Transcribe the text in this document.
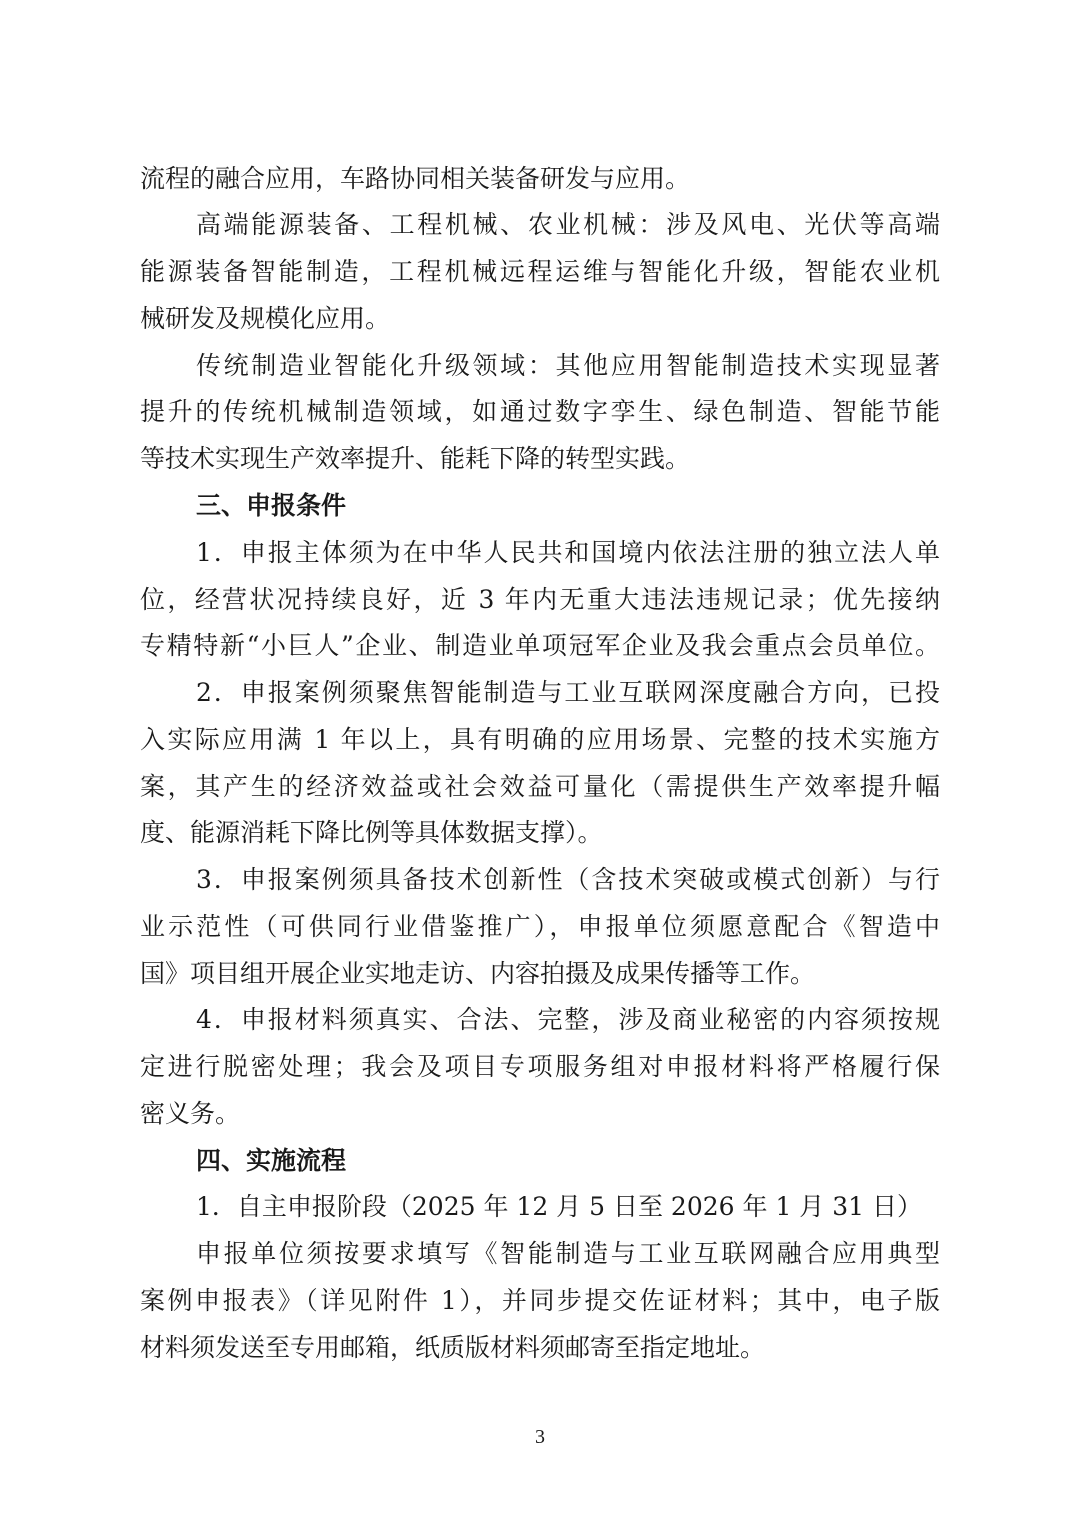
流程的融合应用，车路协同相关装备研发与应用。
高端能源装备、工程机械、农业机械：涉及风电、光伏等高端
能源装备智能制造，工程机械远程运维与智能化升级，智能农业机
械研发及规模化应用。
传统制造业智能化升级领域：其他应用智能制造技术实现显著
提升的传统机械制造领域，如通过数字孪生、绿色制造、智能节能
等技术实现生产效率提升、能耗下降的转型实践。
三、申报条件
1．申报主体须为在中华人民共和国境内依法注册的独立法人单
位，经营状况持续良好，近 3 年内无重大违法违规记录；优先接纳
专精特新“小巨人”企业、制造业单项冠军企业及我会重点会员单位。
2．申报案例须聚焦智能制造与工业互联网深度融合方向，已投
入实际应用满 1 年以上，具有明确的应用场景、完整的技术实施方
案，其产生的经济效益或社会效益可量化（需提供生产效率提升幅
度、能源消耗下降比例等具体数据支撑）。
3．申报案例须具备技术创新性（含技术突破或模式创新）与行
业示范性（可供同行业借鉴推广），申报单位须愿意配合《智造中
国》项目组开展企业实地走访、内容拍摄及成果传播等工作。
4．申报材料须真实、合法、完整，涉及商业秘密的内容须按规
定进行脱密处理；我会及项目专项服务组对申报材料将严格履行保
密义务。
四、实施流程
1．自主申报阶段（2025 年 12 月 5 日至 2026 年 1 月 31 日）
申报单位须按要求填写《智能制造与工业互联网融合应用典型
案例申报表》（详见附件 1），并同步提交佐证材料；其中，电子版
材料须发送至专用邮箱，纸质版材料须邮寄至指定地址。
3
